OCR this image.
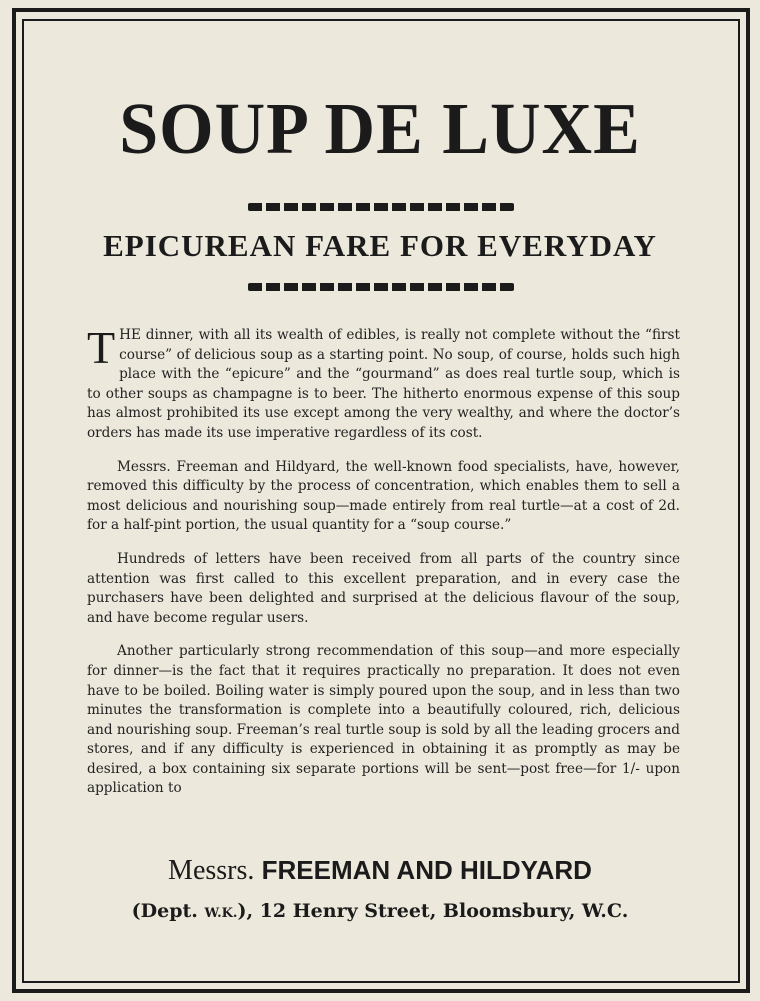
SOUP DE LUXE
EPICUREAN FARE FOR EVERYDAY

THE dinner, with all its wealth of edibles, is really not complete without the “first course” of delicious soup as a starting point. No soup, of course, holds such high place with the “epicure” and the “gourmand” as does real turtle soup, which is to other soups as champagne is to beer. The hitherto enormous expense of this soup has almost prohibited its use except among the very wealthy, and where the doctor’s orders has made its use imperative regardless of its cost.

Messrs. Freeman and Hildyard, the well-known food specialists, have, however, removed this difficulty by the process of concentration, which enables them to sell a most delicious and nourishing soup—made entirely from real turtle—at a cost of 2d. for a half-pint portion, the usual quantity for a “soup course.”

Hundreds of letters have been received from all parts of the country since attention was first called to this excellent preparation, and in every case the purchasers have been delighted and surprised at the delicious flavour of the soup, and have become regular users.

Another particularly strong recommendation of this soup—and more especially for dinner—is the fact that it requires practically no preparation. It does not even have to be boiled. Boiling water is simply poured upon the soup, and in less than two minutes the transformation is complete into a beautifully coloured, rich, delicious and nourishing soup. Freeman’s real turtle soup is sold by all the leading grocers and stores, and if any difficulty is experienced in obtaining it as promptly as may be desired, a box containing six separate portions will be sent—post free—for 1/- upon application to

Messrs. FREEMAN AND HILDYARD

(Dept. W.K.), 12 Henry Street, Bloomsbury, W.C.
